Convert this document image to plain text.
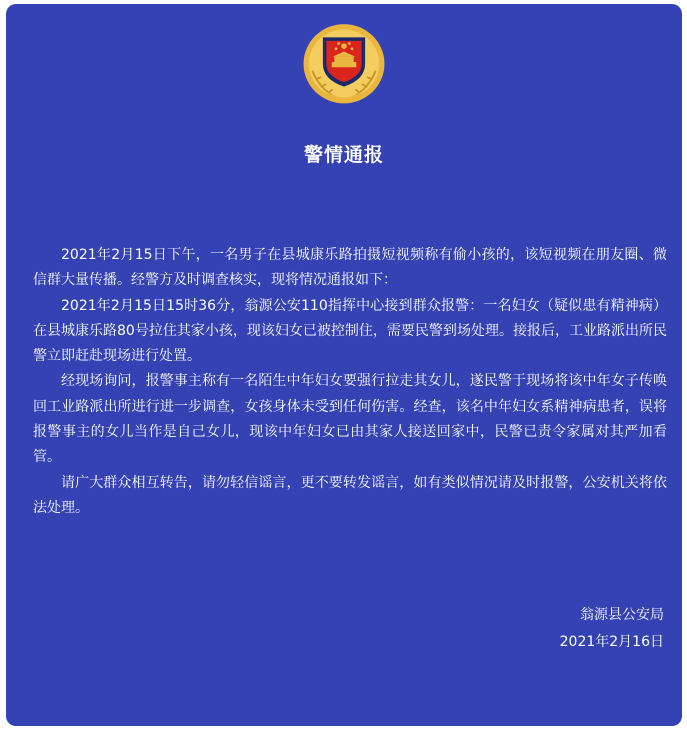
警情通报

2021年2月15日下午，一名男子在县城康乐路拍摄短视频称有偷小孩的，该短视频在朋友圈、微信群大量传播。经警方及时调查核实，现将情况通报如下：

2021年2月15日15时36分，翁源公安110指挥中心接到群众报警：一名妇女（疑似患有精神病）在县城康乐路80号拉住其家小孩，现该妇女已被控制住，需要民警到场处理。接报后，工业路派出所民警立即赶赴现场进行处置。

经现场询问，报警事主称有一名陌生中年妇女要强行拉走其女儿，遂民警于现场将该中年女子传唤回工业路派出所进行进一步调查，女孩身体未受到任何伤害。经查，该名中年妇女系精神病患者，误将报警事主的女儿当作是自己女儿，现该中年妇女已由其家人接送回家中，民警已责令家属对其严加看管。

请广大群众相互转告，请勿轻信谣言，更不要转发谣言，如有类似情况请及时报警，公安机关将依法处理。

翁源县公安局
2021年2月16日
